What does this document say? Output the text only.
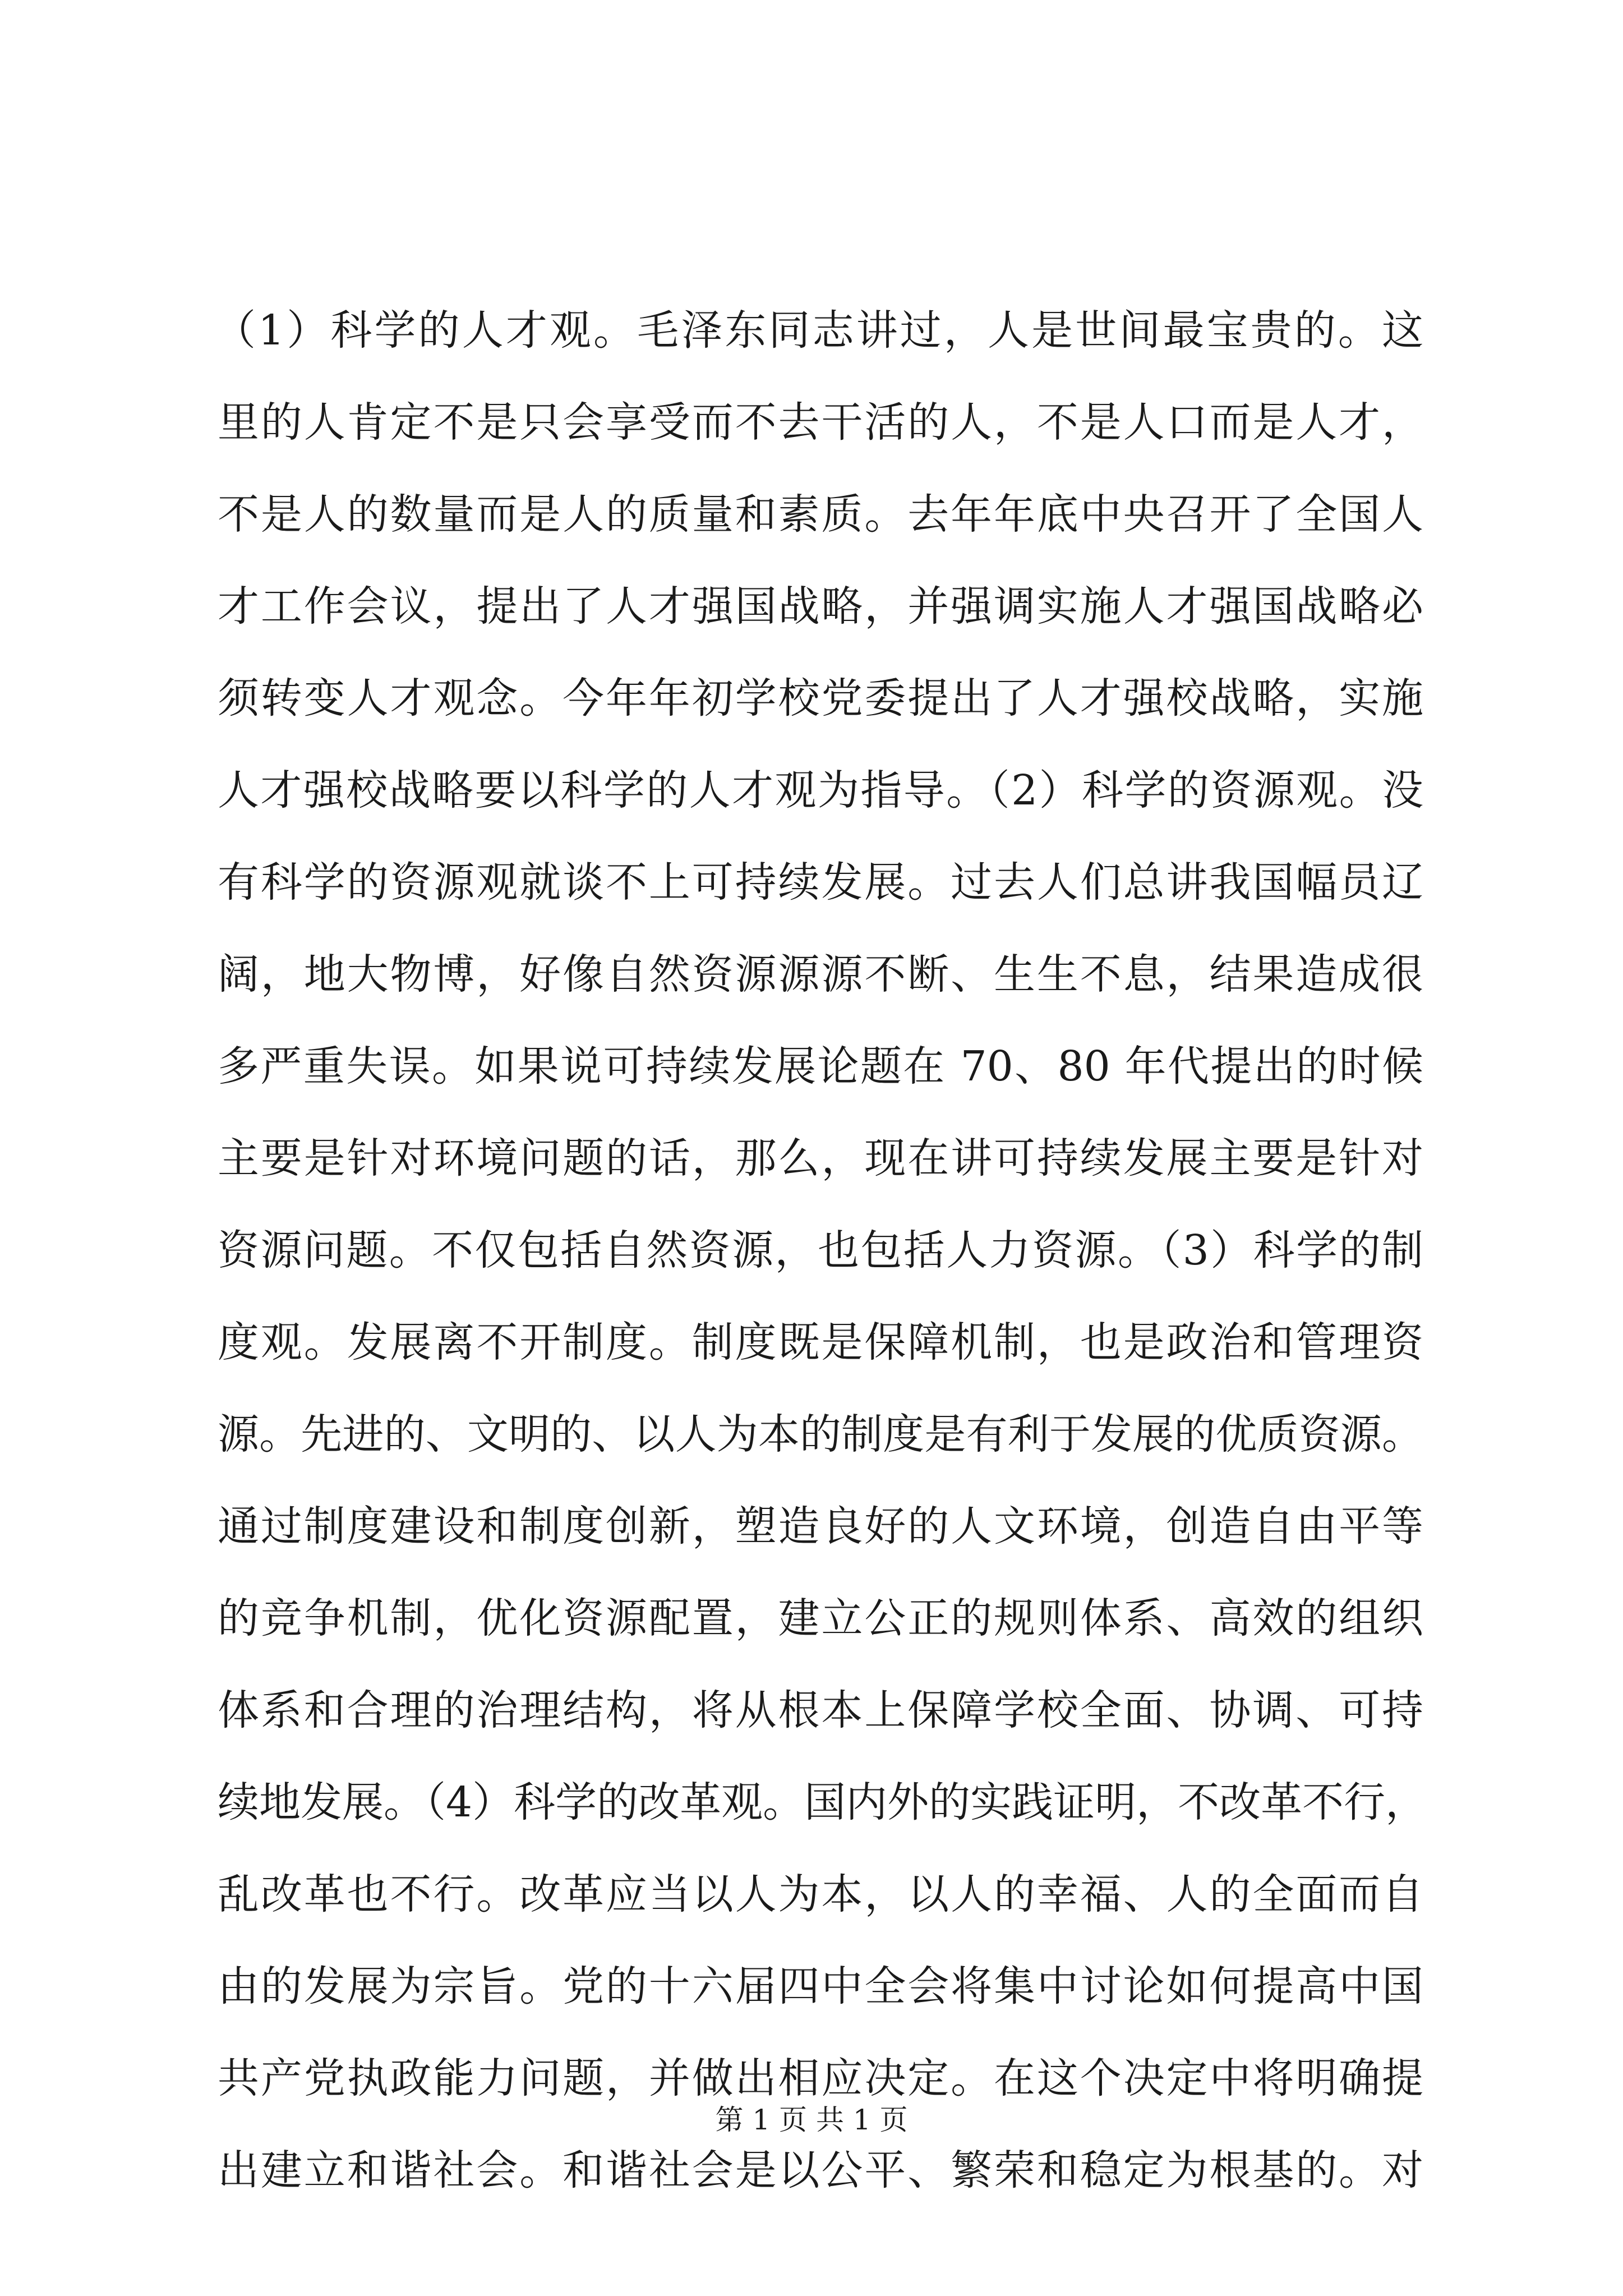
（1）科学的人才观。毛泽东同志讲过，人是世间最宝贵的。这
里的人肯定不是只会享受而不去干活的人，不是人口而是人才，
不是人的数量而是人的质量和素质。去年年底中央召开了全国人
才工作会议，提出了人才强国战略，并强调实施人才强国战略必
须转变人才观念。今年年初学校党委提出了人才强校战略，实施
人才强校战略要以科学的人才观为指导。（2）科学的资源观。没
有科学的资源观就谈不上可持续发展。过去人们总讲我国幅员辽
阔，地大物博，好像自然资源源源不断、生生不息，结果造成很
多严重失误。如果说可持续发展论题在 70、80 年代提出的时候
主要是针对环境问题的话，那么，现在讲可持续发展主要是针对
资源问题。不仅包括自然资源，也包括人力资源。（3）科学的制
度观。发展离不开制度。制度既是保障机制，也是政治和管理资
源。先进的、文明的、以人为本的制度是有利于发展的优质资源。
通过制度建设和制度创新，塑造良好的人文环境，创造自由平等
的竞争机制，优化资源配置，建立公正的规则体系、高效的组织
体系和合理的治理结构，将从根本上保障学校全面、协调、可持
续地发展。（4）科学的改革观。国内外的实践证明，不改革不行，
乱改革也不行。改革应当以人为本，以人的幸福、人的全面而自
由的发展为宗旨。党的十六届四中全会将集中讨论如何提高中国
共产党执政能力问题，并做出相应决定。在这个决定中将明确提
出建立和谐社会。和谐社会是以公平、繁荣和稳定为根基的。对
第 1 页 共 1 页
